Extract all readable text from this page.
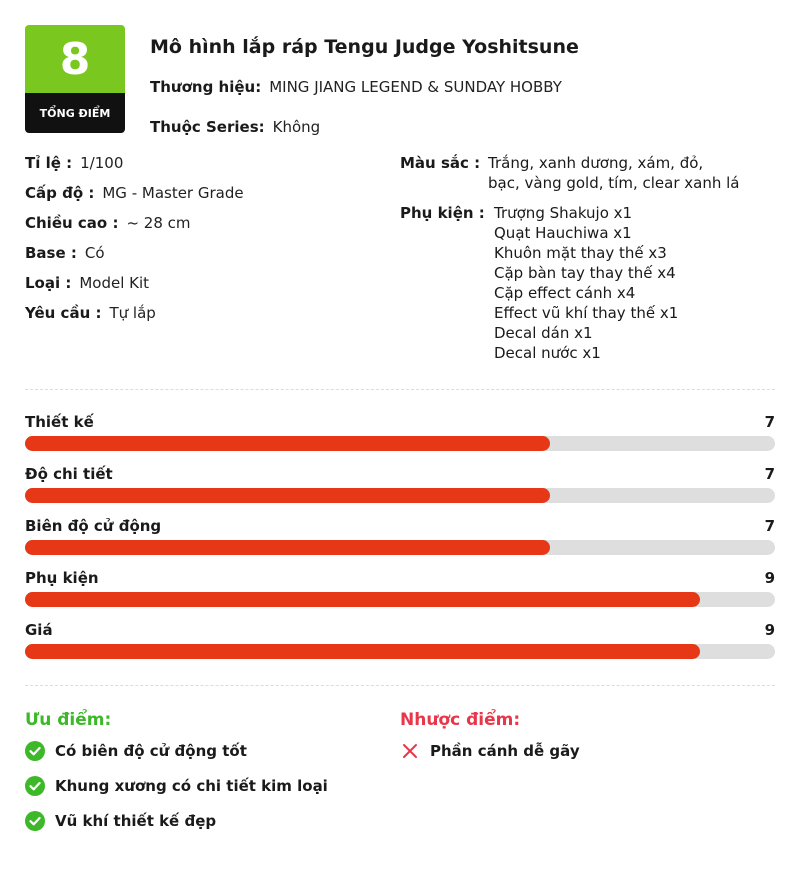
8
TỔNG ĐIỂM
Mô hình lắp ráp Tengu Judge Yoshitsune
Thương hiệu: MING JIANG LEGEND & SUNDAY HOBBY
Thuộc Series: Không
Tỉ lệ : 1/100
Cấp độ : MG - Master Grade
Chiều cao : ~ 28 cm
Base : Có
Loại : Model Kit
Yêu cầu : Tự lắp
Màu sắc : Trắng, xanh dương, xám, đỏ,
bạc, vàng gold, tím, clear xanh lá
Phụ kiện : Trượng Shakujo x1
Quạt Hauchiwa x1
Khuôn mặt thay thế x3
Cặp bàn tay thay thế x4
Cặp effect cánh x4
Effect vũ khí thay thế x1
Decal dán x1
Decal nước x1
Thiết kế	7
Độ chi tiết	7
Biên độ cử động	7
Phụ kiện	9
Giá	9
Ưu điểm:
Có biên độ cử động tốt
Khung xương có chi tiết kim loại
Vũ khí thiết kế đẹp
Nhược điểm:
Phần cánh dễ gãy
